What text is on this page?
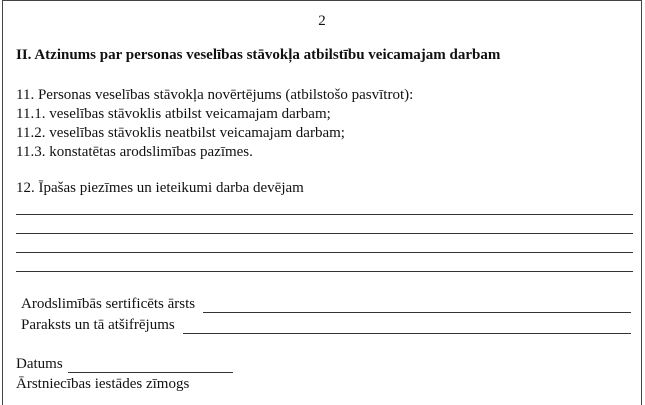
2
II. Atzinums par personas veselības stāvokļa atbilstību veicamajam darbam
11. Personas veselības stāvokļa novērtējums (atbilstošo pasvītrot):
11.1. veselības stāvoklis atbilst veicamajam darbam;
11.2. veselības stāvoklis neatbilst veicamajam darbam;
11.3. konstatētas arodslimības pazīmes.
12. Īpašas piezīmes un ieteikumi darba devējam
Arodslimībās sertificēts ārsts
Paraksts un tā atšifrējums
Datums
Ārstniecības iestādes zīmogs
